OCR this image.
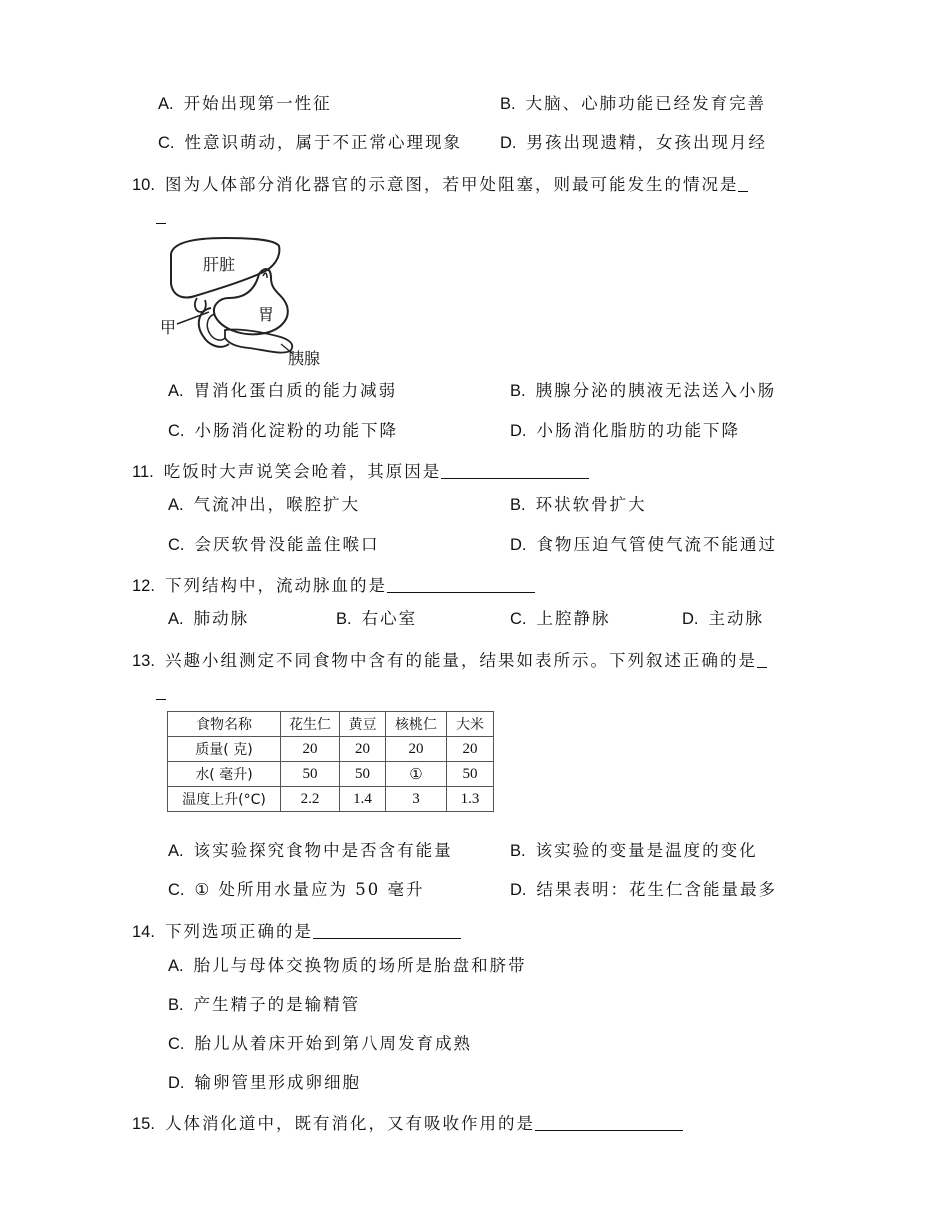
A. 开始出现第一性征	B. 大脑、心肺功能已经发育完善
C. 性意识萌动，属于不正常心理现象 D. 男孩出现遗精，女孩出现月经
10. 图为人体部分消化器官的示意图，若甲处阻塞，则最可能发生的情况是
肝脏
胃
甲
胰腺
A. 胃消化蛋白质的能力减弱	B. 胰腺分泌的胰液无法送入小肠
C. 小肠消化淀粉的功能下降	D. 小肠消化脂肪的功能下降
11. 吃饭时大声说笑会呛着，其原因是
A. 气流冲出，喉腔扩大	B. 环状软骨扩大
C. 会厌软骨没能盖住喉口	D. 食物压迫气管使气流不能通过
12. 下列结构中，流动脉血的是
A. 肺动脉	B. 右心室	C. 上腔静脉	D. 主动脉
13. 兴趣小组测定不同食物中含有的能量，结果如表所示。下列叙述正确的是
食物名称	花生仁	黄豆	核桃仁	大米
质量( 克)	20	20	20	20
水( 毫升)	50	50	①	50
温度上升(°C)	2.2	1.4	3	1.3
A. 该实验探究食物中是否含有能量	B. 该实验的变量是温度的变化
C. ① 处所用水量应为 50 毫升	D. 结果表明：花生仁含能量最多
14. 下列选项正确的是
A. 胎儿与母体交换物质的场所是胎盘和脐带
B. 产生精子的是输精管
C. 胎儿从着床开始到第八周发育成熟
D. 输卵管里形成卵细胞
15. 人体消化道中，既有消化，又有吸收作用的是
